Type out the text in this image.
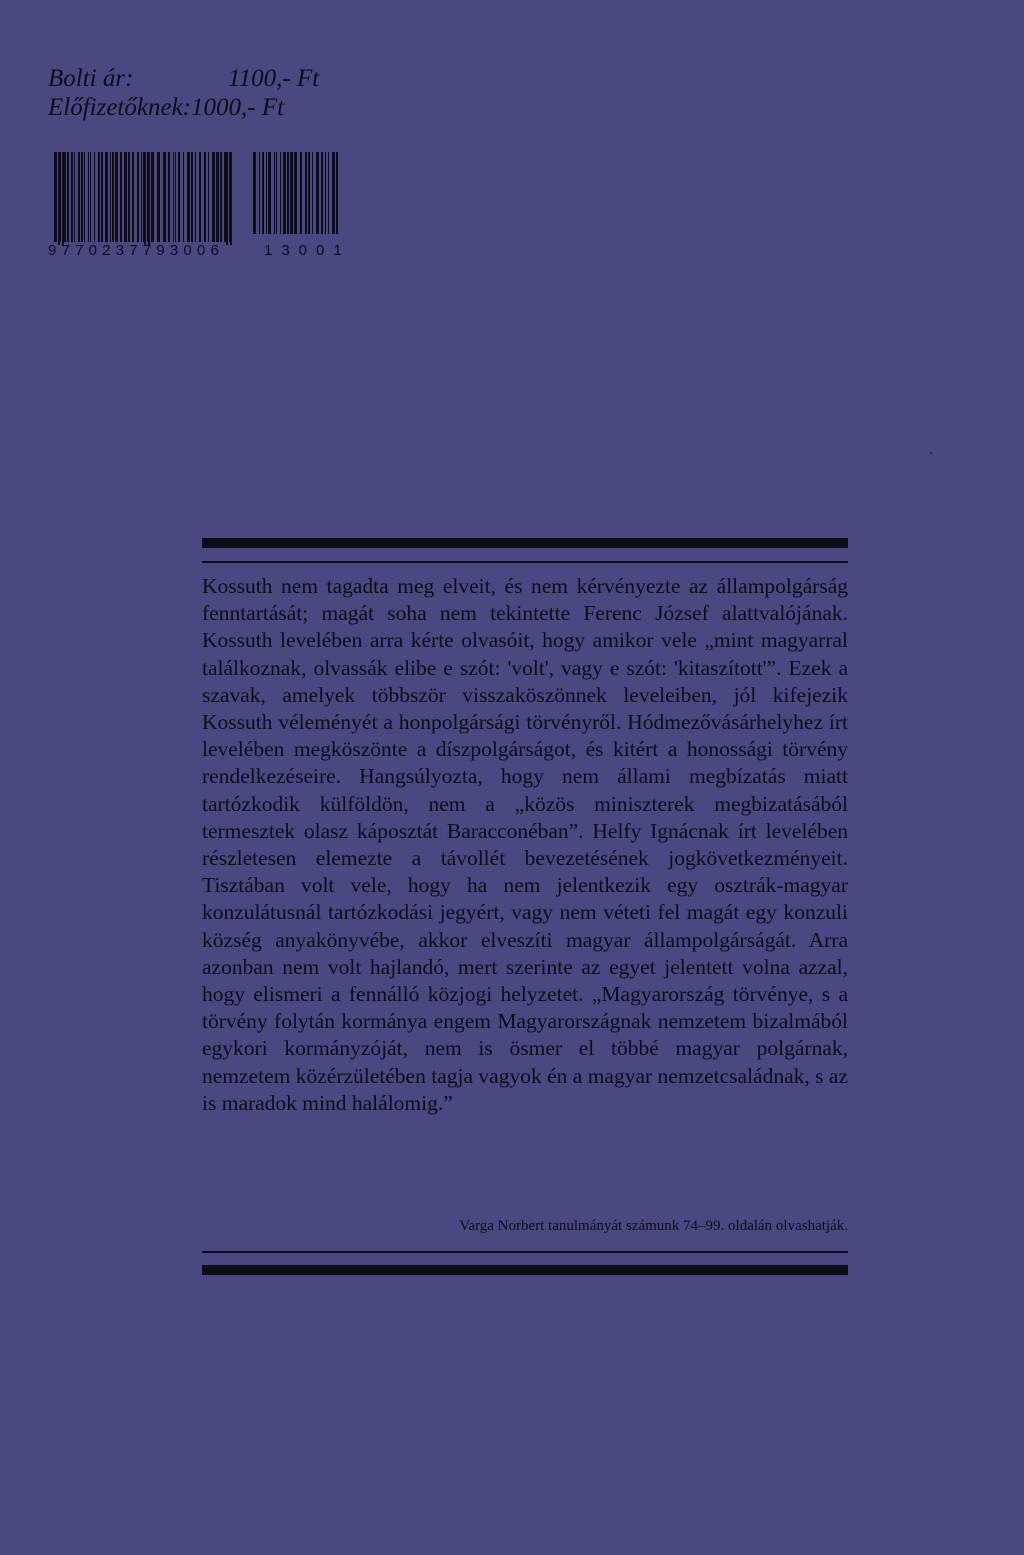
Bolti ár:	1100,- Ft
Előfizetőknek: 1000,- Ft
9770237793006	13001
Kossuth nem tagadta meg elveit, és nem kérvényezte az állampolgárság fenntartását; magát soha nem tekintette Ferenc József alattvalójának. Kossuth levelében arra kérte olvasóit, hogy amikor vele „mint magyarral találkoznak, olvassák elibe e szót: 'volt', vagy e szót: 'kitaszított'”. Ezek a szavak, amelyek többször visszaköszönnek leveleiben, jól kifejezik Kossuth véleményét a honpolgársági törvényről. Hódmezővásárhelyhez írt levelében megköszönte a díszpolgárságot, és kitért a honossági törvény rendelkezéseire. Hangsúlyozta, hogy nem állami megbízatás miatt tartózkodik külföldön, nem a „közös miniszterek megbizatásából termesztek olasz káposztát Baracconéban”. Helfy Ignácnak írt levelében részletesen elemezte a távollét bevezetésének jogkövetkezményeit. Tisztában volt vele, hogy ha nem jelentkezik egy osztrák-magyar konzulátusnál tartózkodási jegyért, vagy nem véteti fel magát egy konzuli község anyakönyvébe, akkor elveszíti magyar állampolgárságát. Arra azonban nem volt hajlandó, mert szerinte az egyet jelentett volna azzal, hogy elismeri a fennálló közjogi helyzetet. „Magyarország törvénye, s a törvény folytán kormánya engem Magyarországnak nemzetem bizalmából egykori kormányzóját, nem is ösmer el többé magyar polgárnak, nemzetem közérzületében tagja vagyok én a magyar nemzetcsaládnak, s az is maradok mind halálomig.”
Varga Norbert tanulmányát számunk 74–99. oldalán olvashatják.
